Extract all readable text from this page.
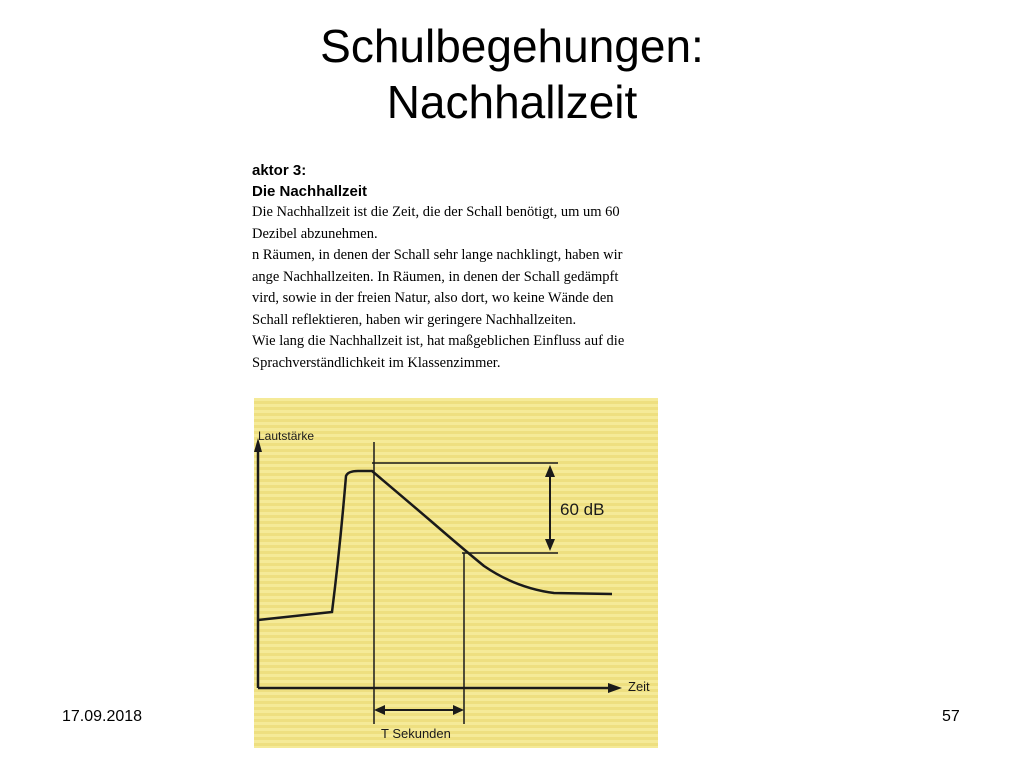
Schulbegehungen:
Nachhallzeit
aktor 3:
Die Nachhallzeit
Die Nachhallzeit ist die Zeit, die der Schall benötigt, um um 60
Dezibel abzunehmen.
n Räumen, in denen der Schall sehr lange nachklingt, haben wir
ange Nachhallzeiten. In Räumen, in denen der Schall gedämpft
vird, sowie in der freien Natur, also dort, wo keine Wände den
Schall reflektieren, haben wir geringere Nachhallzeiten.
Wie lang die Nachhallzeit ist, hat maßgeblichen Einfluss auf die
Sprachverständlichkeit im Klassenzimmer.
60 dB
Lautstärke
Zeit
T Sekunden
17.09.2018	57
